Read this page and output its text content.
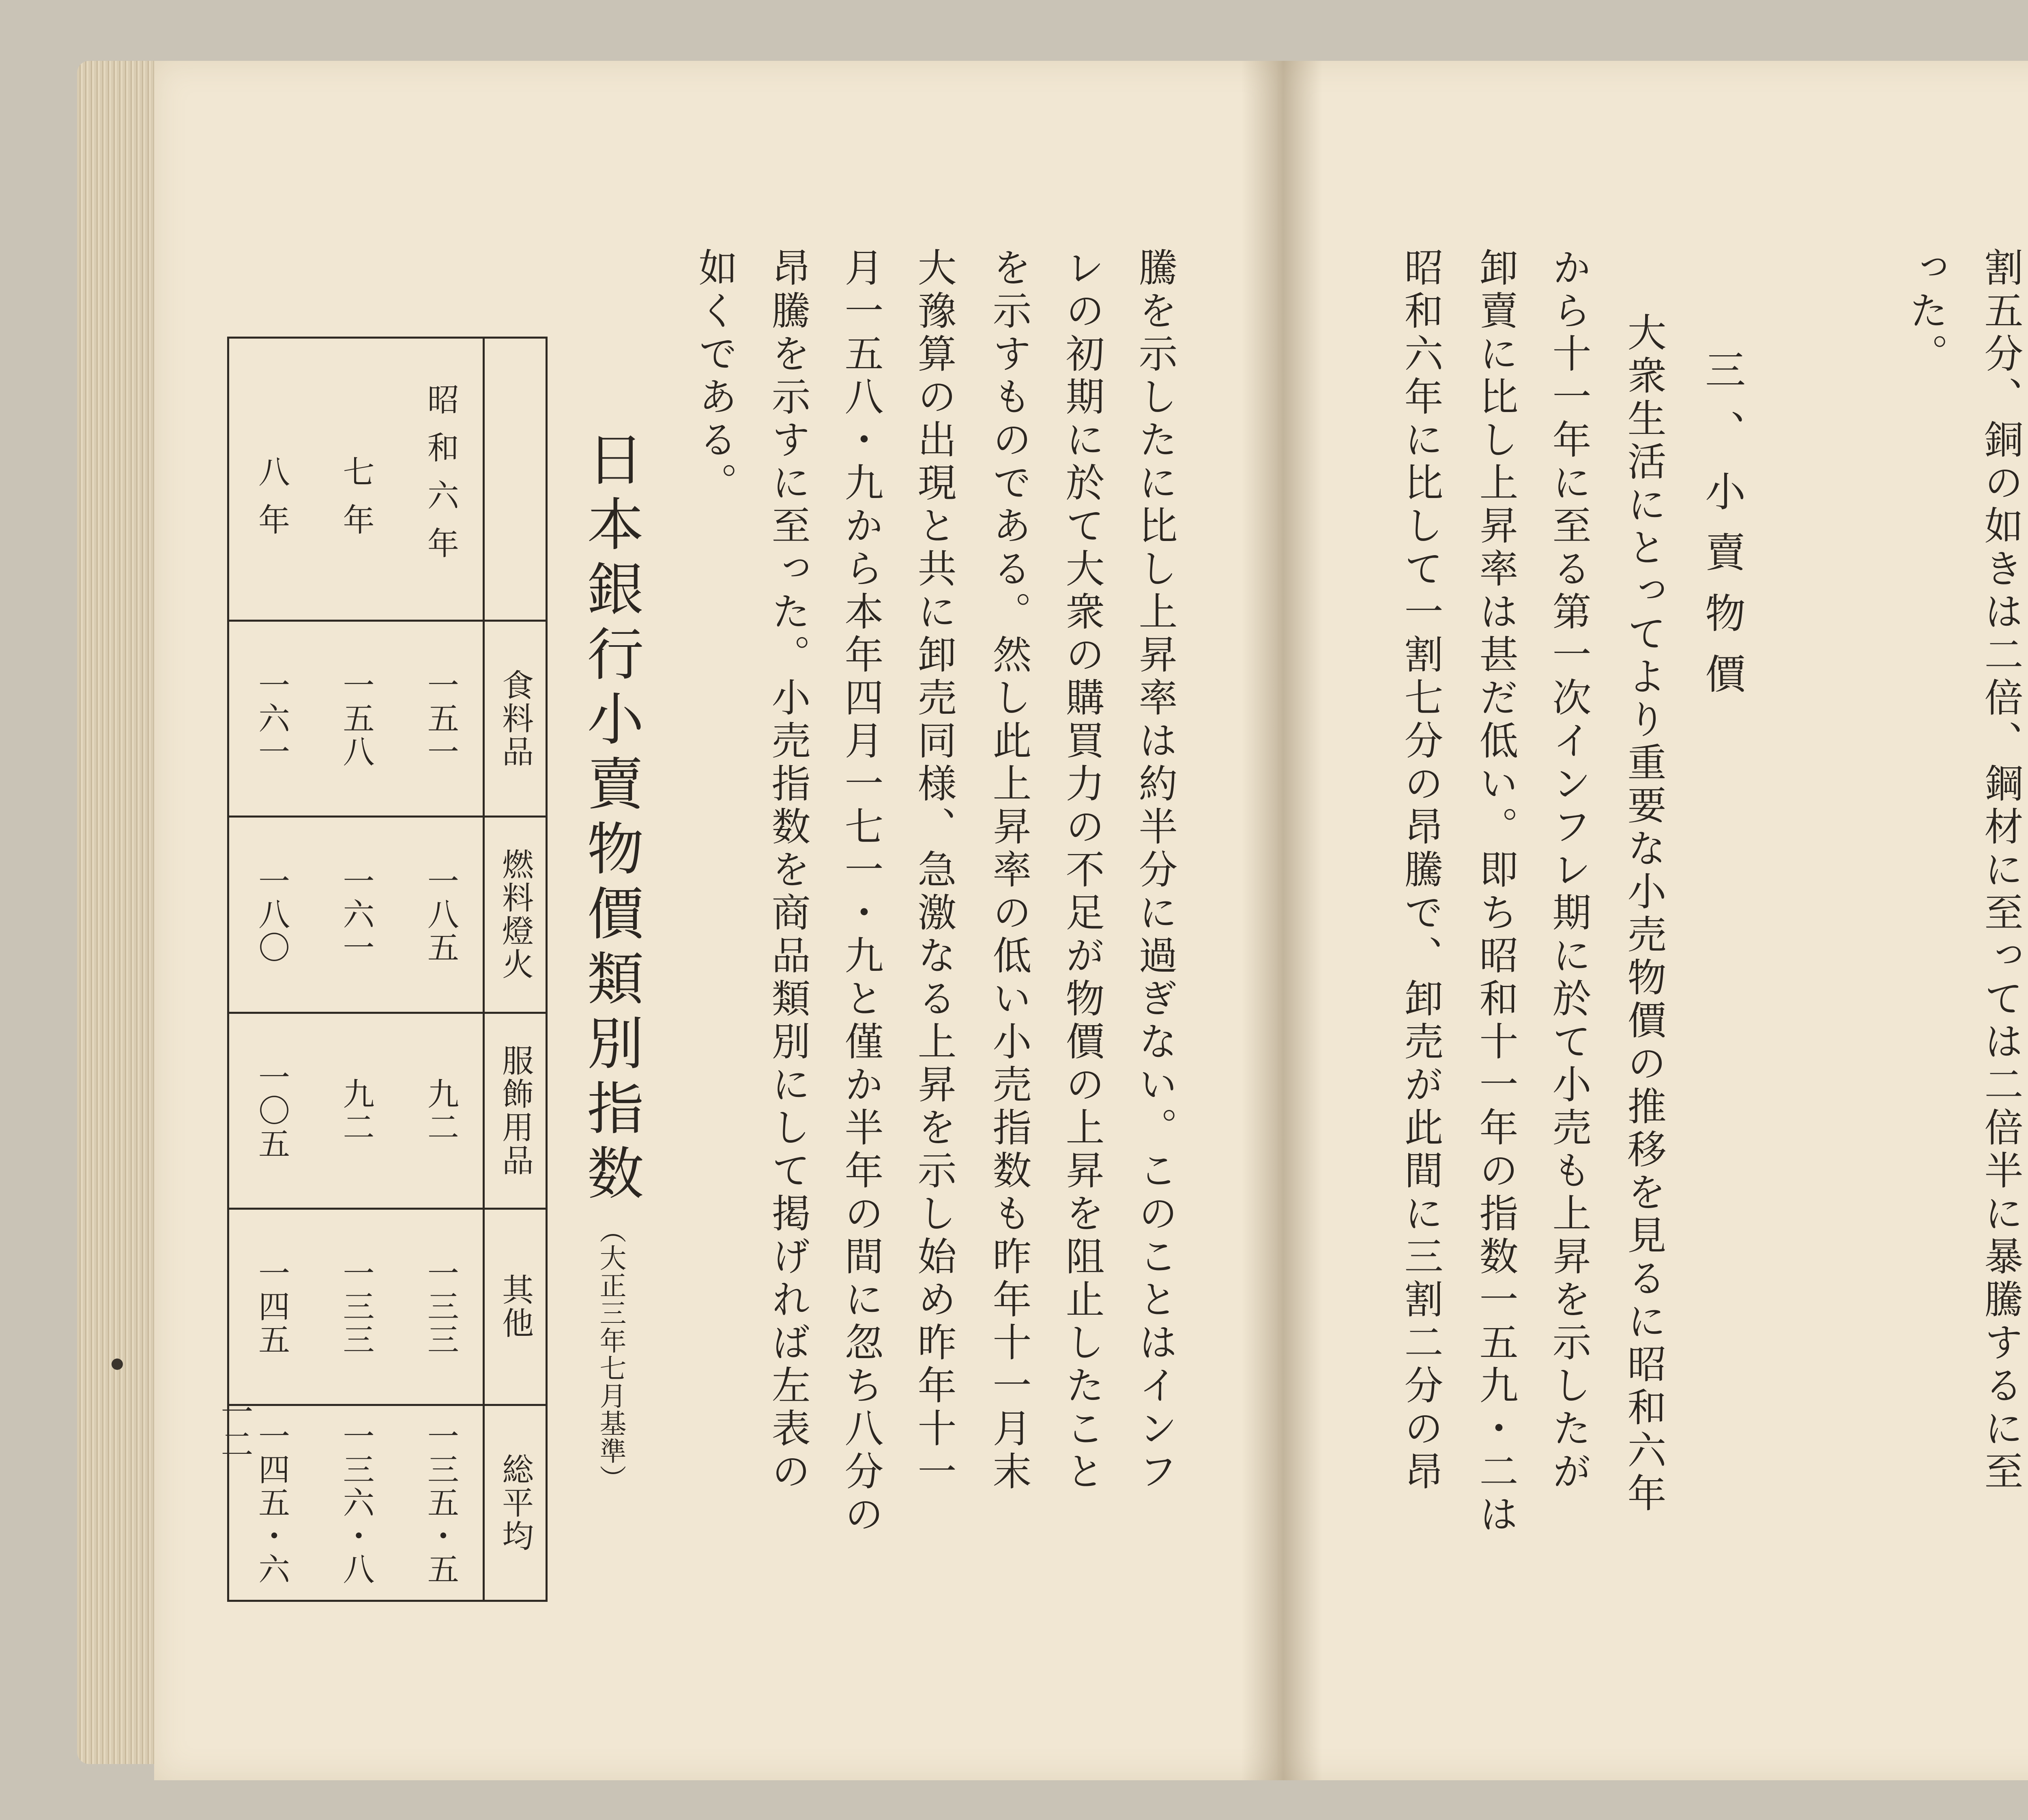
割五分、銅の如きは二倍、鋼材に至っては二倍半に暴騰するに至
った。
三、小賣物價
大衆生活にとってより重要な小売物價の推移を見るに昭和六年
から十一年に至る第一次インフレ期に於て小売も上昇を示したが
卸賣に比し上昇率は甚だ低い。即ち昭和十一年の指数一五九・二は
昭和六年に比して一割七分の昂騰で、卸売が此間に三割二分の昂
騰を示したに比し上昇率は約半分に過ぎない。このことはインフ
レの初期に於て大衆の購買力の不足が物價の上昇を阻止したこと
を示すものである。然し此上昇率の低い小売指数も昨年十一月末
大豫算の出現と共に卸売同様、急激なる上昇を示し始め昨年十一
月一五八・九から本年四月一七一・九と僅か半年の間に忽ち八分の
昂騰を示すに至った。小売指数を商品類別にして掲げれば左表の
如くである。
日本銀行小賣物價類別指数（大正三年七月基準）
一二
食料品
燃料燈火
服飾用品
其他
総平均
昭和六年
七年
八年
一五一
一五八
一六一
一八五
一六一
一八〇
九二
九二
一〇五
一三三
一三三
一四五
一三五・五
一三六・八
一四五・六
